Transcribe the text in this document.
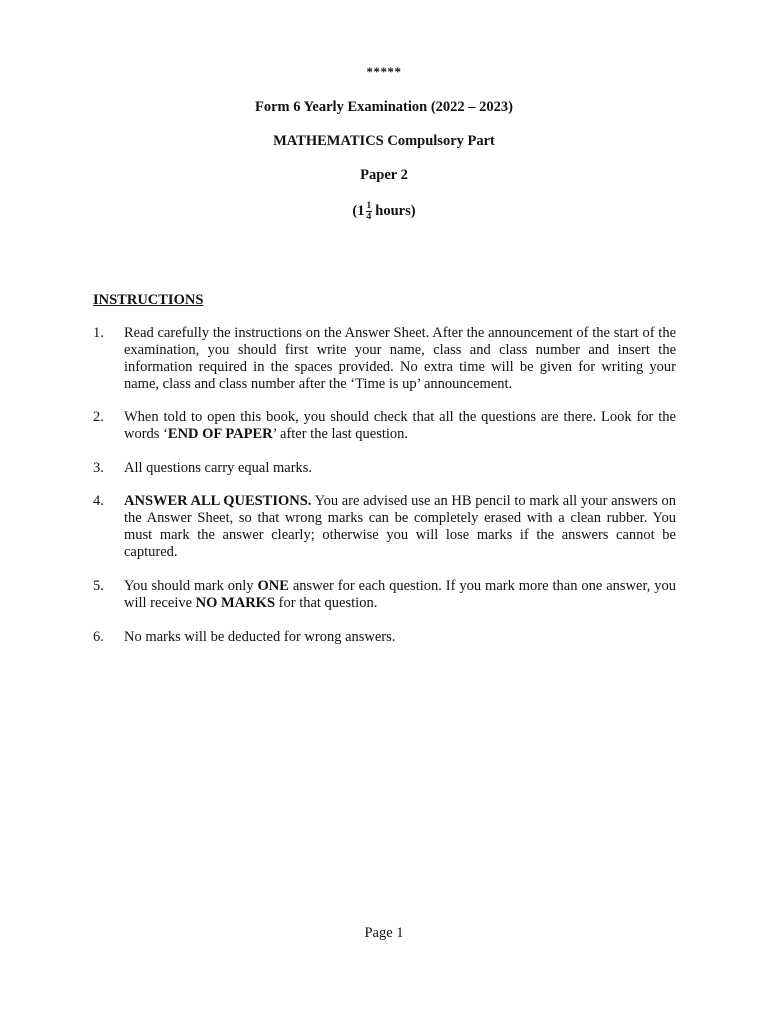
*****
Form 6 Yearly Examination (2022 – 2023)
MATHEMATICS Compulsory Part
Paper 2
($1 \frac{1}{4}$ hours)
INSTRUCTIONS
1. Read carefully the instructions on the Answer Sheet. After the announcement of the start of the examination, you should first write your name, class and class number and insert the information required in the spaces provided. No extra time will be given for writing your name, class and class number after the ‘Time is up’ announcement.
2. When told to open this book, you should check that all the questions are there. Look for the words ‘END OF PAPER’ after the last question.
3. All questions carry equal marks.
4. ANSWER ALL QUESTIONS. You are advised use an HB pencil to mark all your answers on the Answer Sheet, so that wrong marks can be completely erased with a clean rubber. You must mark the answer clearly; otherwise you will lose marks if the answers cannot be captured.
5. You should mark only ONE answer for each question. If you mark more than one answer, you will receive NO MARKS for that question.
6. No marks will be deducted for wrong answers.
Page 1
